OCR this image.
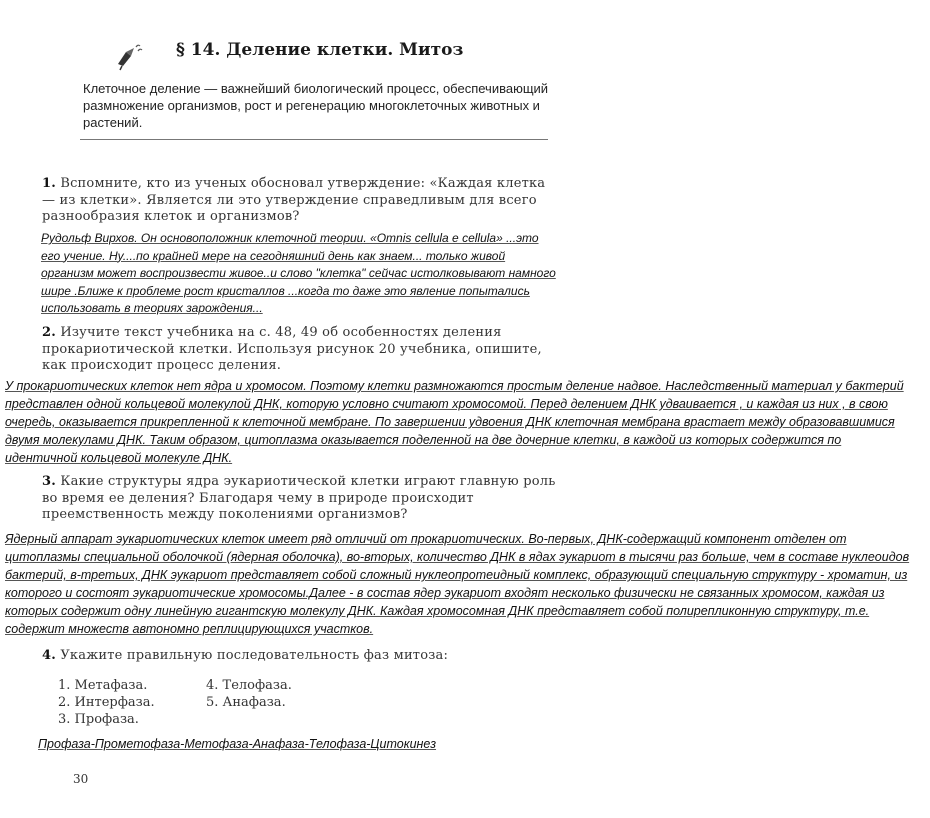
§ 14. Деление клетки. Митоз
Клеточное деление — важнейший биологический процесс, обеспечивающий размножение организмов, рост и регенерацию многоклеточных животных и растений.
1. Вспомните, кто из ученых обосновал утверждение: «Каждая клетка — из клетки». Является ли это утверждение справедливым для всего разнообразия клеток и организмов?
Рудольф Вирхов. Он основоположник клеточной теории. «Omnis cellula e cellula» ...это его учение. Ну....по крайней мере на сегодняшний день как знаем... только живой организм может воспроизвести живое..и слово "клетка" сейчас истолковывают намного шире .Ближе к проблеме рост кристаллов ...когда то даже это явление попытались использовать в теориях зарождения...
2. Изучите текст учебника на с. 48, 49 об особенностях деления прокариотической клетки. Используя рисунок 20 учебника, опишите, как происходит процесс деления.
У прокариотических клеток нет ядра и хромосом. Поэтому клетки размножаются простым деление надвое. Наследственный материал у бактерий представлен одной кольцевой молекулой ДНК, которую условно считают хромосомой. Перед делением ДНК удваивается , и каждая из них , в свою очередь, оказывается прикрепленной к клеточной мембране. По завершении удвоения ДНК клеточная мембрана врастает между образовавшимися двумя молекулами ДНК. Таким образом, цитоплазма оказывается поделенной на две дочерние клетки, в каждой из которых содержится по идентичной кольцевой молекуле ДНК.
3. Какие структуры ядра эукариотической клетки играют главную роль во время ее деления? Благодаря чему в природе происходит преемственность между поколениями организмов?
Ядерный аппарат эукариотических клеток имеет ряд отличий от прокариотических. Во-первых, ДНК-содержащий компонент отделен от цитоплазмы специальной оболочкой (ядерная оболочка), во-вторых, количество ДНК в ядах эукариот в тысячи раз больше, чем в составе нуклеоидов бактерий, в-третьих, ДНК эукариот представляет собой сложный нуклеопротеидный комплекс, образующий специальную структуру - хроматин, из которого и состоят эукариотические хромосомы.Далее - в состав ядер эукариот входят несколько физически не связанных хромосом, каждая из которых содержит одну линейную гигантскую молекулу ДНК. Каждая хромосомная ДНК представляет собой полирепликонную структуру, т.е. содержит множеств автономно реплицирующихся участков.
4. Укажите правильную последовательность фаз митоза:
1. Метафаза.
2. Интерфаза.
3. Профаза.
4. Телофаза.
5. Анафаза.
Профаза-Прометофаза-Метофаза-Анафаза-Телофаза-Цитокинез
30
